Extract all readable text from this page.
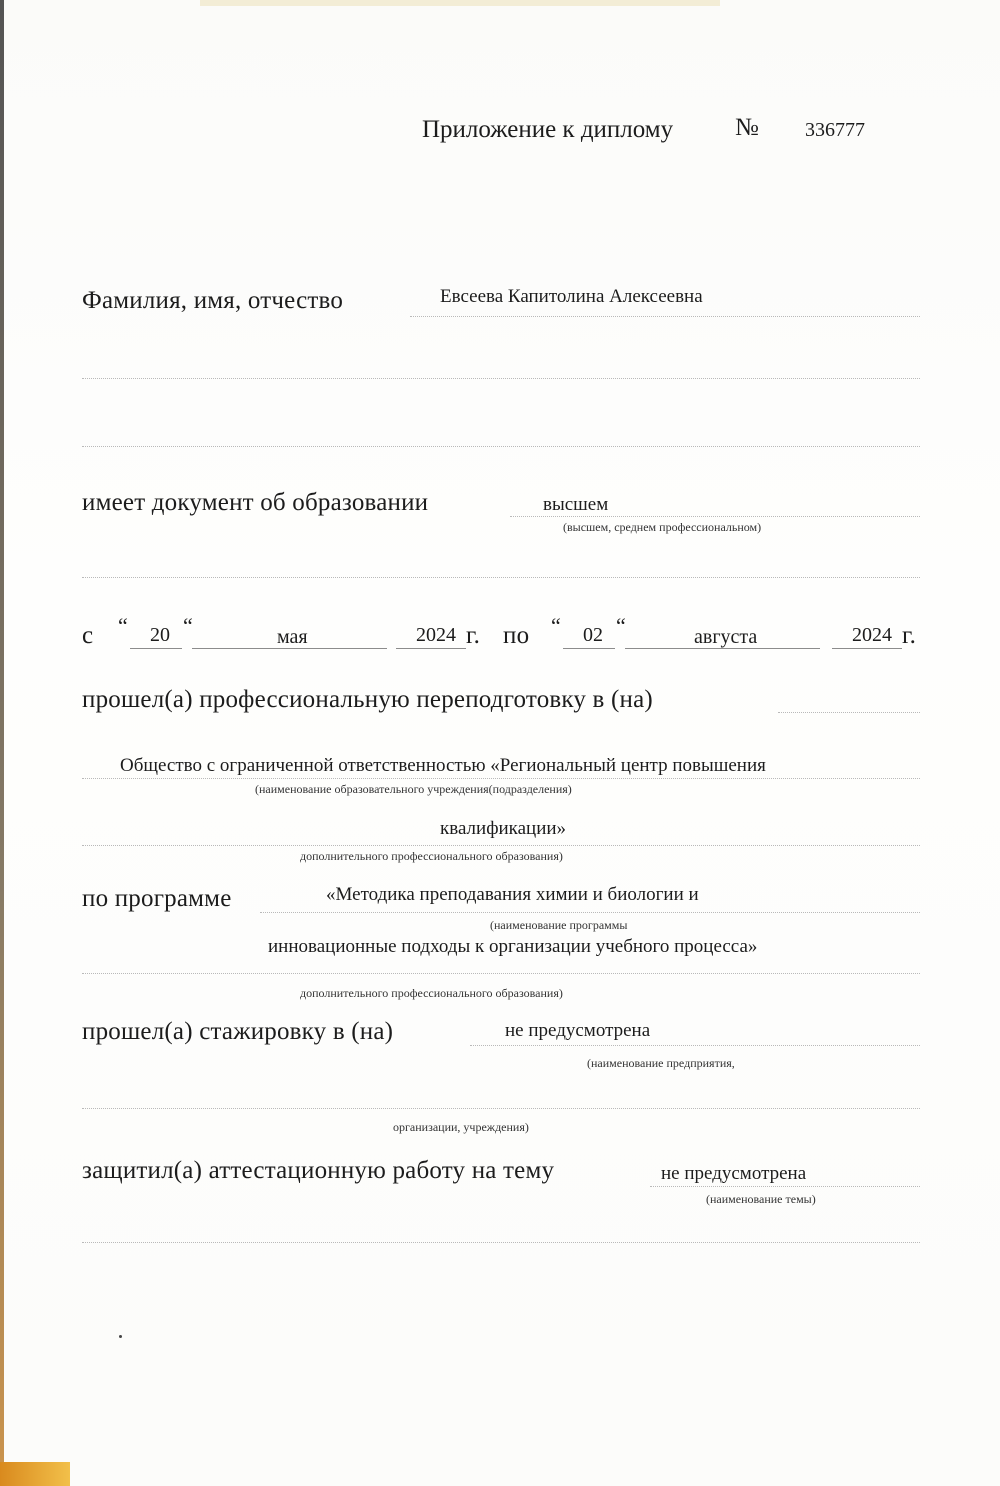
Приложение к диплому № 336777
Фамилия, имя, отчество	Евсеева Капитолина Алексеевна
имеет документ об образовании	высшем
(высшем, среднем профессиональном)
с “ 20 “	мая	2024 г. по “ 02 “	августа	2024 г.
прошел(а) профессиональную переподготовку в (на)
Общество с ограниченной ответственностью «Региональный центр повышения
(наименование образовательного учреждения(подразделения)
квалификации»
дополнительного профессионального образования)
по программе	«Методика преподавания химии и биологии и
(наименование программы
инновационные подходы к организации учебного процесса»
дополнительного профессионального образования)
прошел(а) стажировку в (на)	не предусмотрена
(наименование предприятия,
организации, учреждения)
защитил(а) аттестационную работу на тему	не предусмотрена
(наименование темы)
